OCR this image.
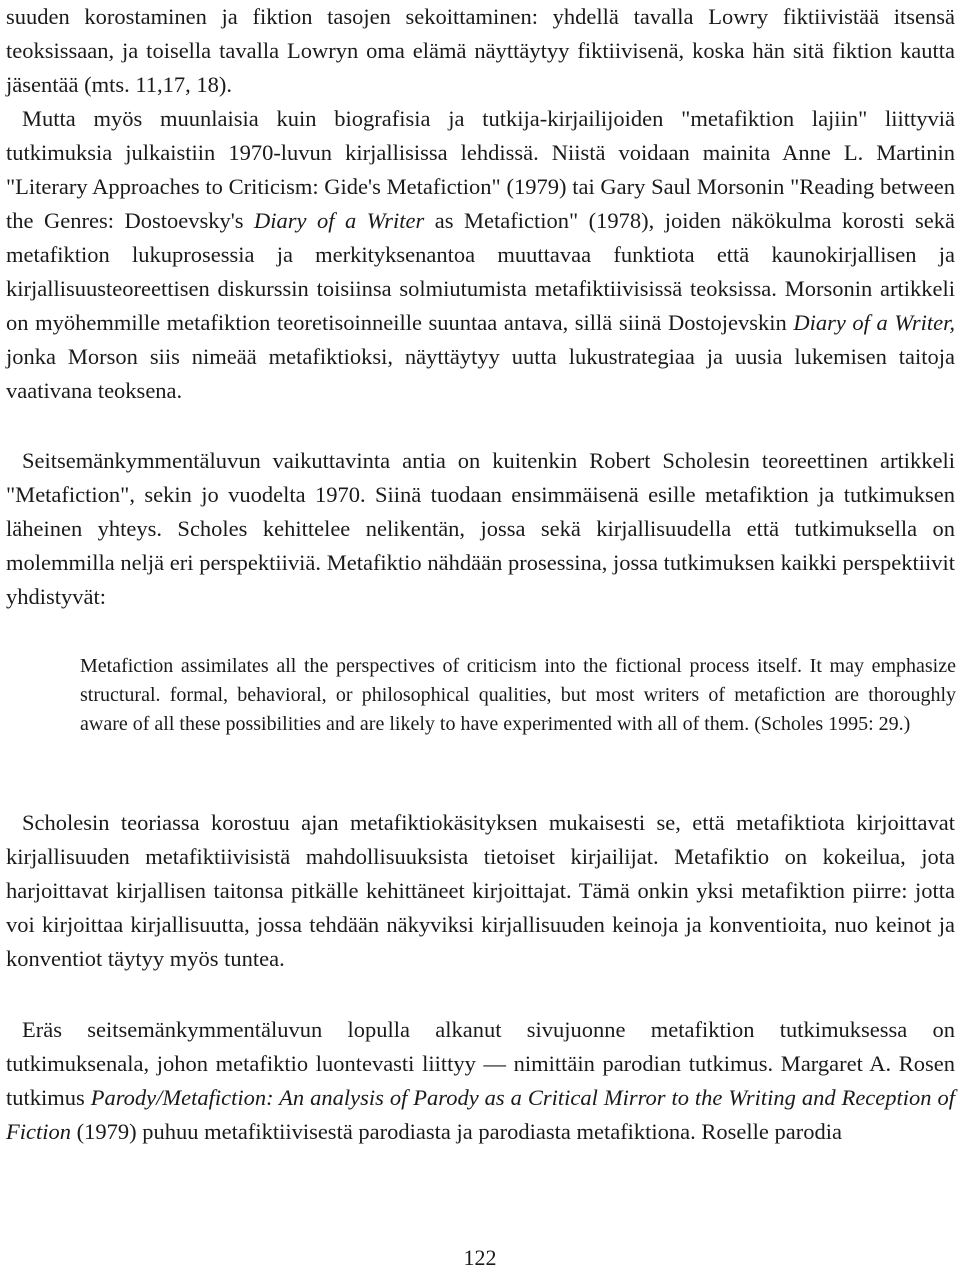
suuden korostaminen ja fiktion tasojen sekoittaminen: yhdellä tavalla Lowry fiktiivistää itsensä teoksissaan, ja toisella tavalla Lowryn oma elämä näyttäytyy fiktiivisenä, koska hän sitä fiktion kautta jäsentää (mts. 11,17, 18).
Mutta myös muunlaisia kuin biografisia ja tutkija-kirjailijoiden "metafiktion lajiin" liittyviä tutkimuksia julkaistiin 1970-luvun kirjallisissa lehdissä. Niistä voidaan mainita Anne L. Martinin "Literary Approaches to Criticism: Gide's Metafiction" (1979) tai Gary Saul Morsonin "Reading between the Genres: Dostoevsky's Diary of a Writer as Metafiction" (1978), joiden näkökulma korosti sekä metafiktion lukuprosessia ja merkityksenantoa muuttavaa funktiota että kaunokirjallisen ja kirjallisuusteoreettisen diskurssin toisiinsa solmiutumista metafiktiivisissä teoksissa. Morsonin artikkeli on myöhemmille metafiktion teoretisoinneille suuntaa antava, sillä siinä Dostojevskin Diary of a Writer, jonka Morson siis nimeää metafiktioksi, näyttäytyy uutta lukustrategiaa ja uusia lukemisen taitoja vaativana teoksena.

Seitsemänkymmentäluvun vaikuttavinta antia on kuitenkin Robert Scholesin teoreettinen artikkeli "Metafiction", sekin jo vuodelta 1970. Siinä tuodaan ensimmäisenä esille metafiktion ja tutkimuksen läheinen yhteys. Scholes kehittelee nelikentän, jossa sekä kirjallisuudella että tutkimuksella on molemmilla neljä eri perspektiiviä. Metafiktio nähdään prosessina, jossa tutkimuksen kaikki perspektiivit yhdistyvät:

Metafiction assimilates all the perspectives of criticism into the fictional process itself. It may emphasize structural. formal, behavioral, or philosophical qualities, but most writers of metafiction are thoroughly aware of all these possibilities and are likely to have experimented with all of them. (Scholes 1995: 29.)

Scholesin teoriassa korostuu ajan metafiktiokäsityksen mukaisesti se, että metafiktiota kirjoittavat kirjallisuuden metafiktiivisistä mahdollisuuksista tietoiset kirjailijat. Metafiktio on kokeilua, jota harjoittavat kirjallisen taitonsa pitkälle kehittäneet kirjoittajat. Tämä onkin yksi metafiktion piirre: jotta voi kirjoittaa kirjallisuutta, jossa tehdään näkyviksi kirjallisuuden keinoja ja konventioita, nuo keinot ja konventiot täytyy myös tuntea.

Eräs seitsemänkymmentäluvun lopulla alkanut sivujuonne metafiktion tutkimuksessa on tutkimuksenala, johon metafiktio luontevasti liittyy — nimittäin parodian tutkimus. Margaret A. Rosen tutkimus Parody/Metafiction: An analysis of Parody as a Critical Mirror to the Writing and Reception of Fiction (1979) puhuu metafiktiivisestä parodiasta ja parodiasta metafiktiona. Roselle parodia

122
